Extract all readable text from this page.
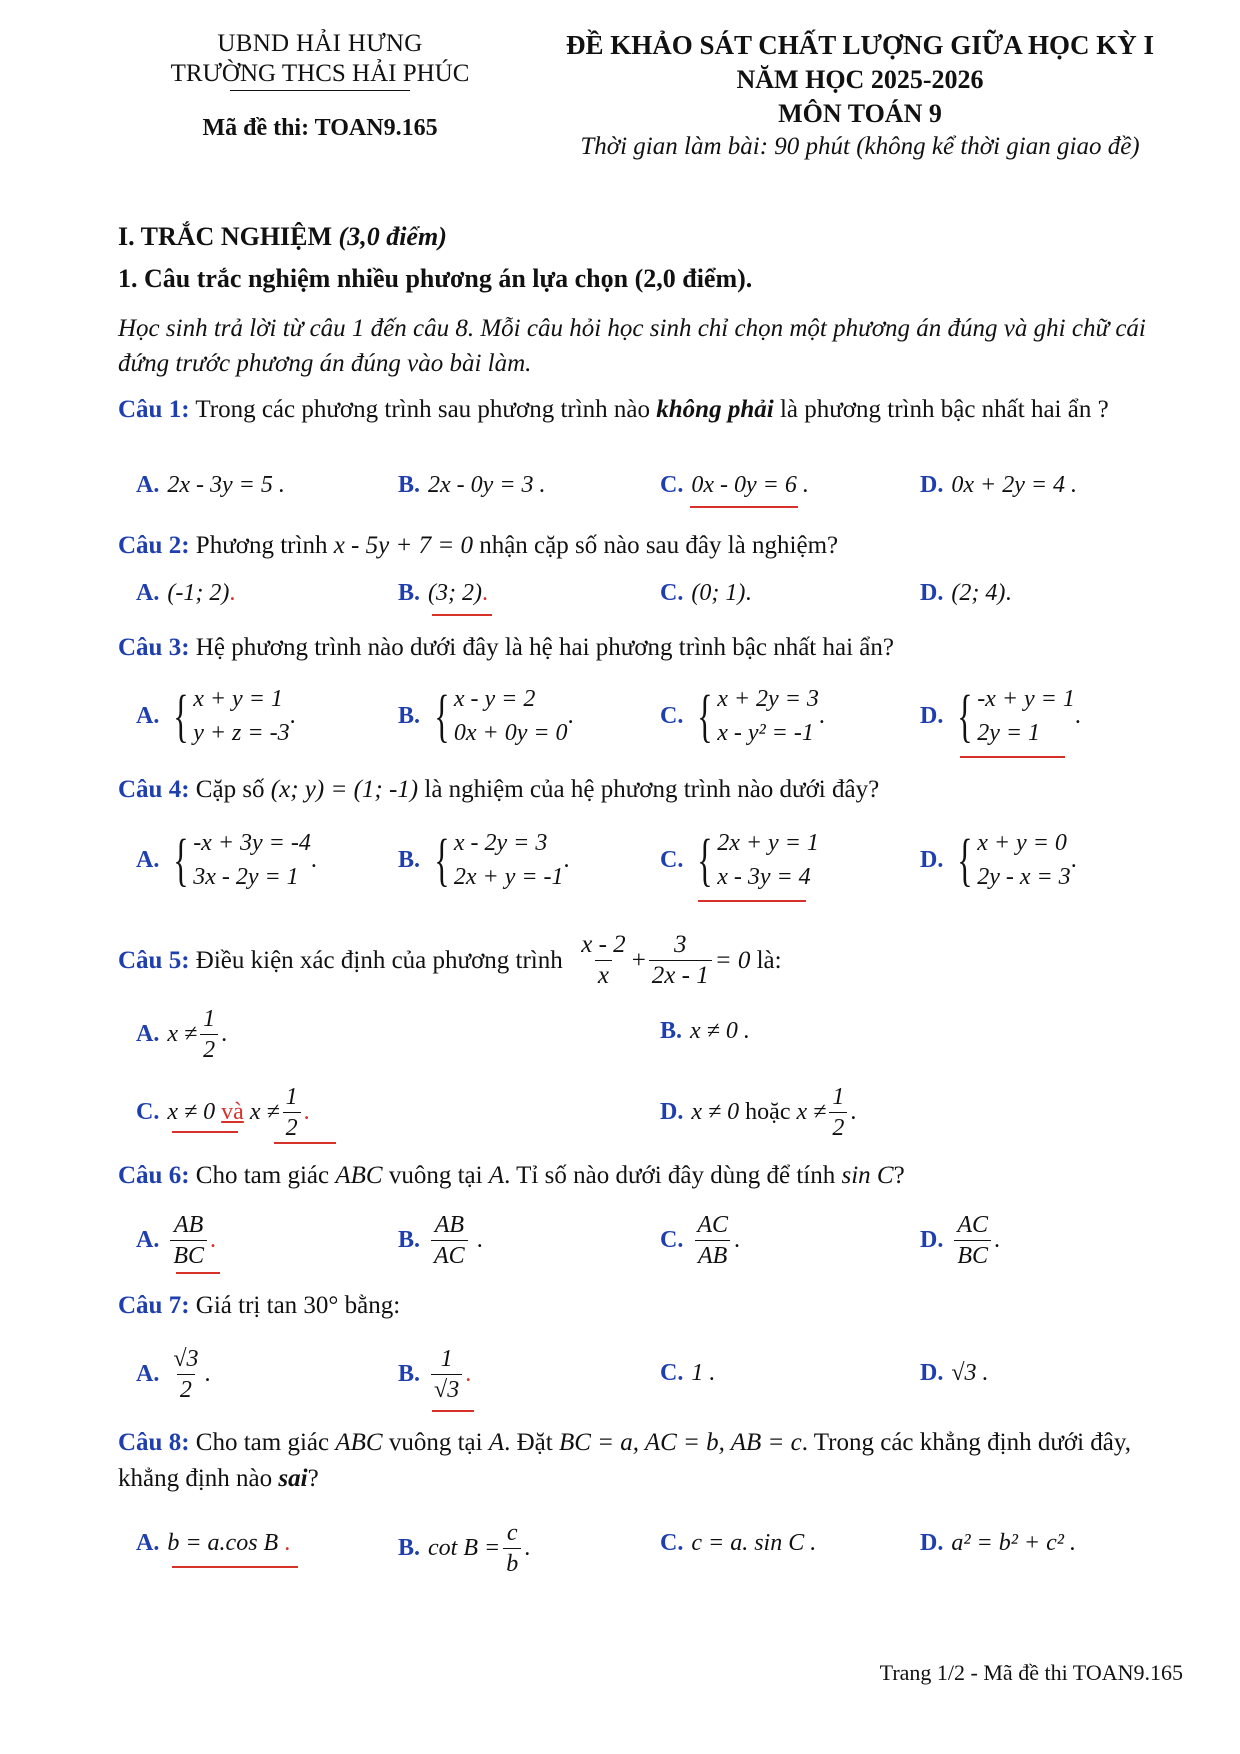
UBND HẢI HƯNG
TRƯỜNG THCS HẢI PHÚC
Mã đề thi: TOAN9.165
ĐỀ KHẢO SÁT CHẤT LƯỢNG GIỮA HỌC KỲ I
NĂM HỌC 2025-2026
MÔN TOÁN 9
Thời gian làm bài: 90 phút (không kể thời gian giao đề)
I. TRẮC NGHIỆM (3,0 điểm)
1. Câu trắc nghiệm nhiều phương án lựa chọn (2,0 điểm).
Học sinh trả lời từ câu 1 đến câu 8. Mỗi câu hỏi học sinh chỉ chọn một phương án đúng và ghi chữ cái đứng trước phương án đúng vào bài làm.
Câu 1: Trong các phương trình sau phương trình nào không phải là phương trình bậc nhất hai ẩn ?
A. 2x - 3y = 5 .	B. 2x - 0y = 3 .	C. 0x - 0y = 6 .	D. 0x + 2y = 4 .
Câu 2: Phương trình x - 5y + 7 = 0 nhận cặp số nào sau đây là nghiệm?
A. (-1; 2) .	B. (3; 2) .	C. (0; 1) .	D. (2; 4) .
Câu 3: Hệ phương trình nào dưới đây là hệ hai phương trình bậc nhất hai ẩn?
A. { x + y = 1
y + z = -3
.	B. { x - y = 2
0x + 0y = 0
.	C. { x + 2y = 3
x - y² = -1
.	D. { -x + y = 1
2y = 1
.
Câu 4: Cặp số (x; y) = (1; -1) là nghiệm của hệ phương trình nào dưới đây?
A. { -x + 3y = -4
3x - 2y = 1
.	B. { x - 2y = 3
2x + y = -1
.	C. { 2x + y = 1
x - 3y = 4
D. { x + y = 0
2y - x = 3
.
Câu 5:
Điều kiện xác định của phương trình
$\frac{x - 2}{x} + \frac{3}{2x - 1} = 0$
là:
A. $x \ne \frac{1}{2}$ .	B. x ≠ 0 .
C. x ≠ 0
và
$x \ne \frac{1}{2}$ .	D. x ≠ 0
hoặc
$x \ne \frac{1}{2}$ .
Câu 6: Cho tam giác ABC vuông tại A. Tỉ số nào dưới đây dùng để tính sin C?
A. $\frac{AB}{BC}$ .	B. $\frac{AB}{AC}$ .	C. $\frac{AC}{AB}$ .	D. $\frac{AC}{BC}$ .
Câu 7: Giá trị tan 30° bằng:
A. $\frac{√3}{2}$ .	B. $\frac{1}{√3}$ .	C. 1 .	D. √3 .
Câu 8: Cho tam giác ABC vuông tại A. Đặt BC = a, AC = b, AB = c. Trong các khẳng định dưới đây, khẳng định nào sai?
A. b = a.cos B .	B. $\cot B = \frac{c}{b}$ .	C. c = a. sin C .	D. a² = b² + c² .
Trang 1/2 - Mã đề thi TOAN9.165
